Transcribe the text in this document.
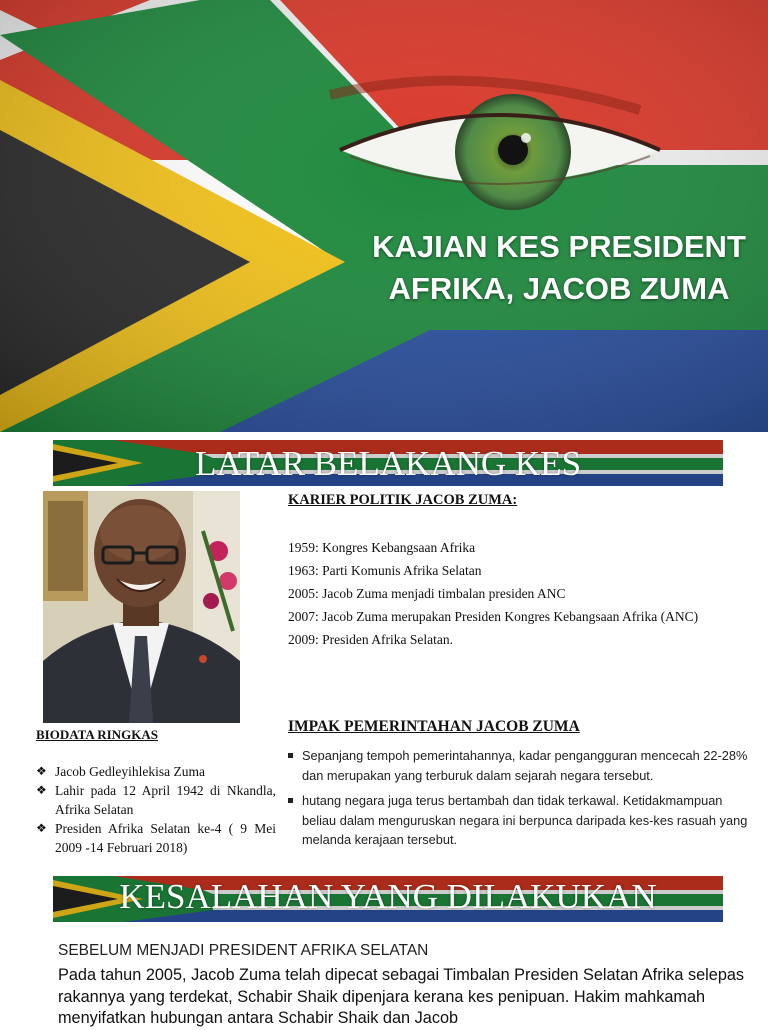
KAJIAN KES PRESIDENT
AFRIKA, JACOB ZUMA
LATAR BELAKANG KES
KARIER POLITIK JACOB ZUMA:
1959: Kongres Kebangsaan Afrika
1963: Parti Komunis Afrika Selatan
2005: Jacob Zuma menjadi timbalan presiden ANC
2007: Jacob Zuma merupakan Presiden Kongres Kebangsaan Afrika (ANC)
2009: Presiden Afrika Selatan.
IMPAK PEMERINTAHAN JACOB ZUMA
Sepanjang tempoh pemerintahannya, kadar pengangguran mencecah 22-28% dan merupakan yang terburuk dalam sejarah negara tersebut.
hutang negara juga terus bertambah dan tidak terkawal. Ketidakmampuan beliau dalam menguruskan negara ini berpunca daripada kes-kes rasuah yang melanda kerajaan tersebut.
BIODATA RINGKAS
❖ Jacob Gedleyihlekisa Zuma
❖ Lahir pada 12 April 1942 di Nkandla, Afrika Selatan
❖ Presiden Afrika Selatan ke-4 ( 9 Mei 2009 -14 Februari 2018)
KESALAHAN YANG DILAKUKAN
SEBELUM MENJADI PRESIDENT AFRIKA SELATAN
Pada tahun 2005, Jacob Zuma telah dipecat sebagai Timbalan Presiden Selatan Afrika selepas rakannya yang terdekat, Schabir Shaik dipenjara kerana kes penipuan. Hakim mahkamah menyifatkan hubungan antara Schabir Shaik dan Jacob
